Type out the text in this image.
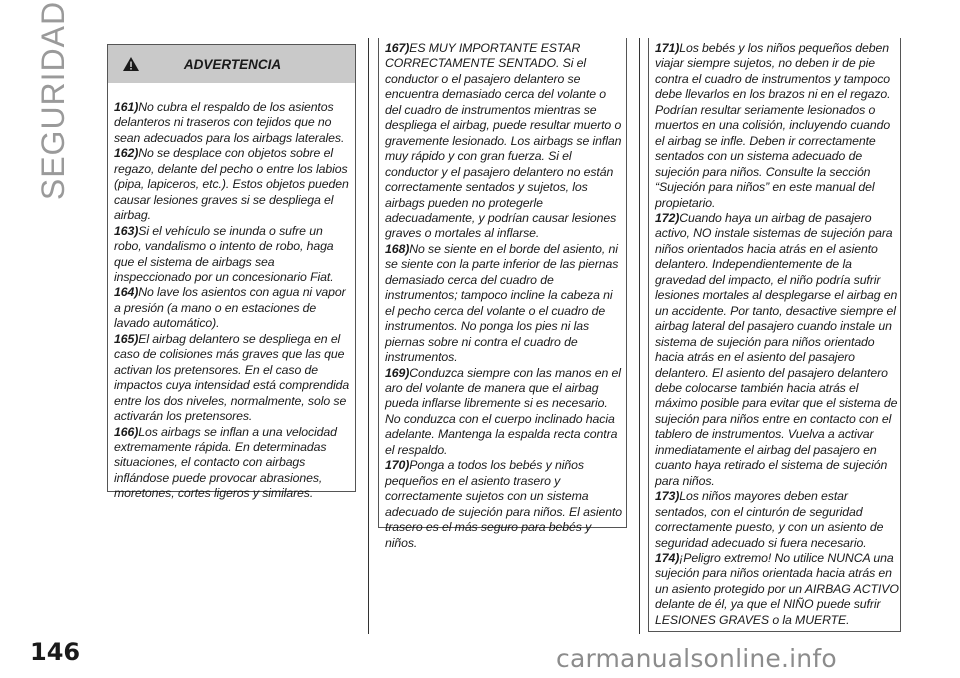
SEGURIDAD	ADVERTENCIA

161)No cubra el respaldo de los asientos delanteros ni traseros con tejidos que no sean adecuados para los airbags laterales.

162)No se desplace con objetos sobre el regazo, delante del pecho o entre los labios (pipa, lapiceros, etc.). Estos objetos pueden causar lesiones graves si se despliega el airbag.

163)Si el vehículo se inunda o sufre un robo, vandalismo o intento de robo, haga que el sistema de airbags sea inspeccionado por un concesionario Fiat.

164)No lave los asientos con agua ni vapor a presión (a mano o en estaciones de lavado automático).

165)El airbag delantero se despliega en el caso de colisiones más graves que las que activan los pretensores. En el caso de impactos cuya intensidad está comprendida entre los dos niveles, normalmente, solo se activarán los pretensores.

166)Los airbags se inflan a una velocidad extremamente rápida. En determinadas situaciones, el contacto con airbags inflándose puede provocar abrasiones, moretones, cortes ligeros y similares.

167)ES MUY IMPORTANTE ESTAR CORRECTAMENTE SENTADO. Si el conductor o el pasajero delantero se encuentra demasiado cerca del volante o del cuadro de instrumentos mientras se despliega el airbag, puede resultar muerto o gravemente lesionado. Los airbags se inflan muy rápido y con gran fuerza. Si el conductor y el pasajero delantero no están correctamente sentados y sujetos, los airbags pueden no protegerle adecuadamente, y podrían causar lesiones graves o mortales al inflarse.

168)No se siente en el borde del asiento, ni se siente con la parte inferior de las piernas demasiado cerca del cuadro de instrumentos; tampoco incline la cabeza ni el pecho cerca del volante o el cuadro de instrumentos. No ponga los pies ni las piernas sobre ni contra el cuadro de instrumentos.

169)Conduzca siempre con las manos en el aro del volante de manera que el airbag pueda inflarse libremente si es necesario. No conduzca con el cuerpo inclinado hacia adelante. Mantenga la espalda recta contra el respaldo.

170)Ponga a todos los bebés y niños pequeños en el asiento trasero y correctamente sujetos con un sistema adecuado de sujeción para niños. El asiento trasero es el más seguro para bebés y niños.

171)Los bebés y los niños pequeños deben viajar siempre sujetos, no deben ir de pie contra el cuadro de instrumentos y tampoco debe llevarlos en los brazos ni en el regazo. Podrían resultar seriamente lesionados o muertos en una colisión, incluyendo cuando el airbag se infle. Deben ir correctamente sentados con un sistema adecuado de sujeción para niños. Consulte la sección “Sujeción para niños” en este manual del propietario.

172)Cuando haya un airbag de pasajero activo, NO instale sistemas de sujeción para niños orientados hacia atrás en el asiento delantero. Independientemente de la gravedad del impacto, el niño podría sufrir lesiones mortales al desplegarse el airbag en un accidente. Por tanto, desactive siempre el airbag lateral del pasajero cuando instale un sistema de sujeción para niños orientado hacia atrás en el asiento del pasajero delantero. El asiento del pasajero delantero debe colocarse también hacia atrás el máximo posible para evitar que el sistema de sujeción para niños entre en contacto con el tablero de instrumentos. Vuelva a activar inmediatamente el airbag del pasajero en cuanto haya retirado el sistema de sujeción para niños.

173)Los niños mayores deben estar sentados, con el cinturón de seguridad correctamente puesto, y con un asiento de seguridad adecuado si fuera necesario.

174)¡Peligro extremo! No utilice NUNCA una sujeción para niños orientada hacia atrás en un asiento protegido por un AIRBAG ACTIVO delante de él, ya que el NIÑO puede sufrir LESIONES GRAVES o la MUERTE.

146	carmanualsonline.info
